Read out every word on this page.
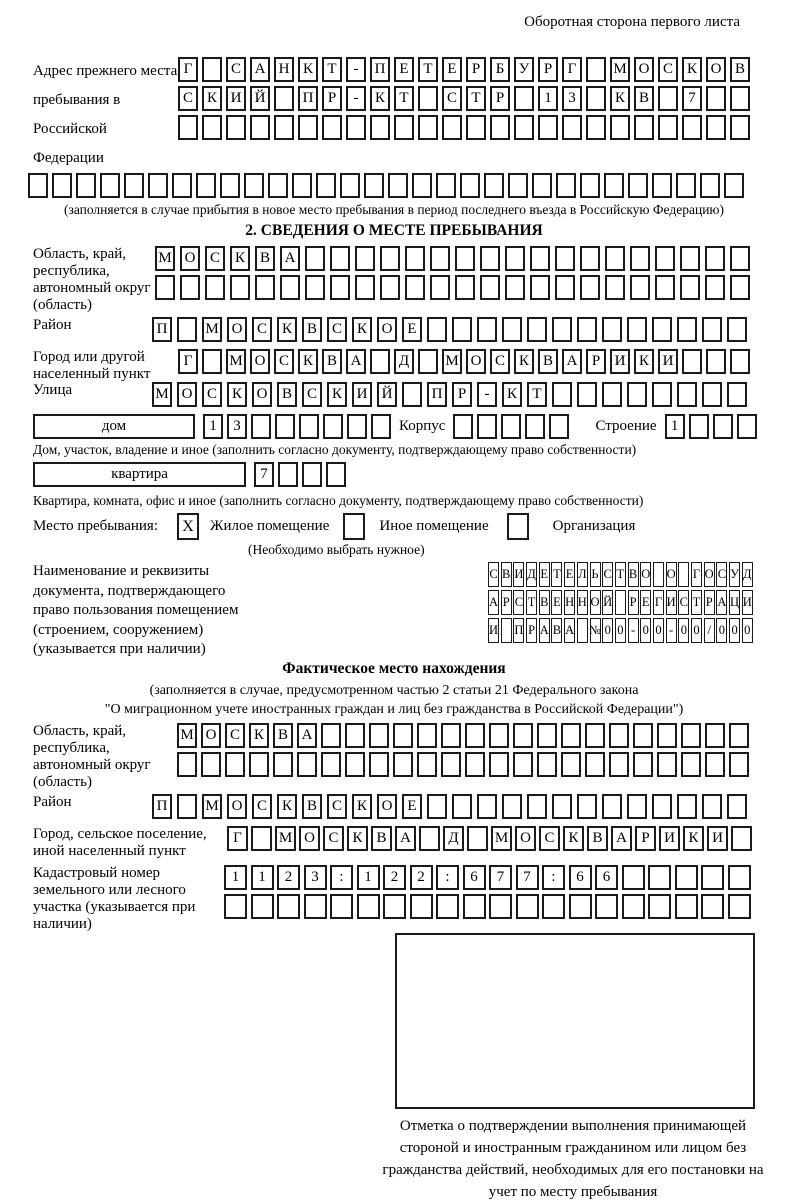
Оборотная сторона первого листа
Адрес прежнего места пребывания в Российской Федерации
Г	С А Н К Т	-	П Е Т Е	Р	Б У Р	Г	М О С К О В
С К И Й	П Р	-	К Т	С Т	Р	1	3	К В	7
(заполняется в случае прибытия в новое место пребывания в период последнего въезда в Российскую Федерацию)
2. СВЕДЕНИЯ О МЕСТЕ ПРЕБЫВАНИЯ
Область, край, республика, автономный округ (область)
М О С К В А
Район	П	М О С К В С К О Е
Город или другой населенный пункт
Г	М О С К В А	Д	М О С К В А Р И К И
Улица	М О С К О В С К И Й	П	Р	-	К	Т
дом	1	3	Корпус	Строение 1
Дом, участок, владение и иное (заполнить согласно документу, подтверждающему право собственности)
квартира	7
Квартира, комната, офис и иное (заполнить согласно документу, подтверждающему право собственности)
Место пребывания:	X	Жилое помещение	Иное помещение	Организация
(Необходимо выбрать нужное)
Наименование и реквизиты документа, подтверждающего право пользования помещением (строением, сооружением) (указывается при наличии)
С В И Д Е Т Е Л Ь С Т В О О Г О С У Д
А Р С Т В Е Н Н О Й Р Е Г И С Т Р А Ц И
И П Р А В А № 0 0 - 0 0 - 0 0 / 0 0 0
Фактическое место нахождения
(заполняется в случае, предусмотренном частью 2 статьи 21 Федерального закона
"О миграционном учете иностранных граждан и лиц без гражданства в Российской Федерации")
Область, край, республика, автономный округ (область)
М О С К В А
Район	П	М О С К В С К О Е
Город, сельское поселение, иной населенный пункт
Г	М О С К В А	Д	М О С К В А Р И К И
Кадастровый номер земельного или лесного участка (указывается при наличии)
1	1	2	3	:	1	2	2	:	6	7	7	:	6	6
Отметка о подтверждении выполнения принимающей стороной и иностранным гражданином или лицом без гражданства действий, необходимых для его постановки на учет по месту пребывания
